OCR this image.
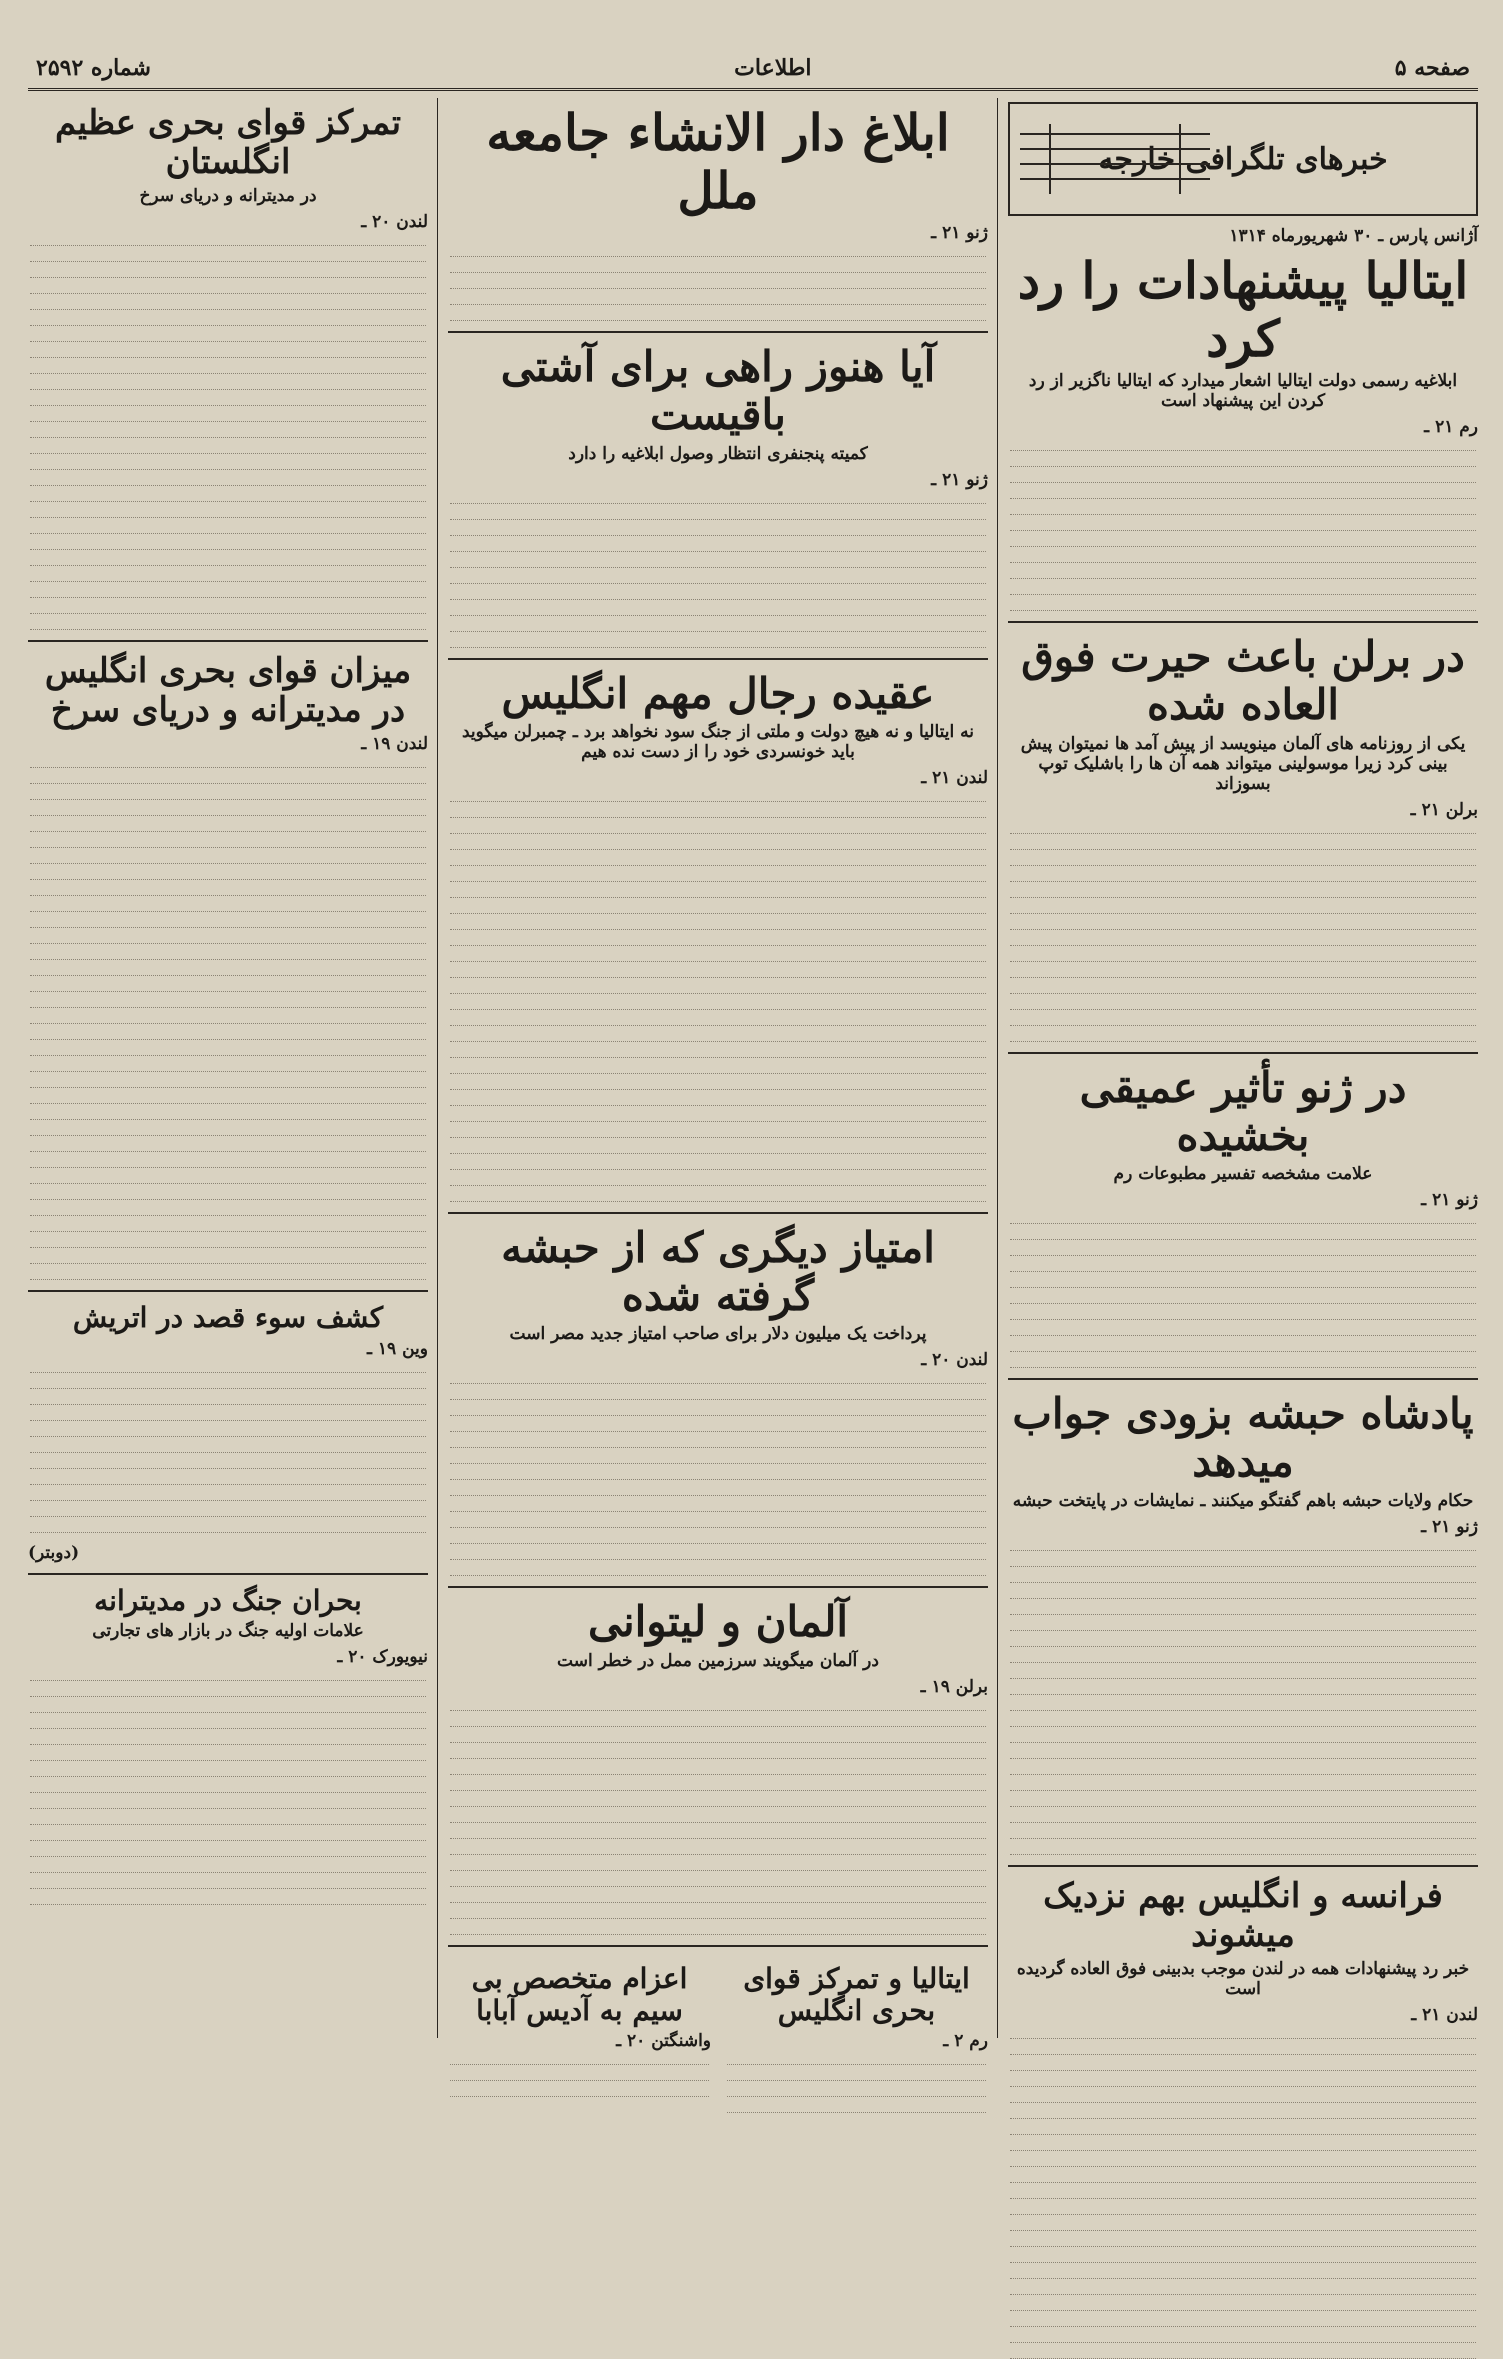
صفحه ۵
اطلاعات
شماره ۲۵۹۲
خبرهای تلگرافی خارجه
آژانس پارس ـ ۳۰ شهریورماه ۱۳۱۴
ایتالیا پیشنهادات را رد کرد
ابلاغیه رسمی دولت ایتالیا اشعار میدارد که ایتالیا ناگزیر از رد کردن این پیشنهاد است
رم ۲۱ ـ
در برلن باعث حیرت فوق العاده شده
یکی از روزنامه های آلمان مینویسد از پیش آمد ها نمیتوان پیش بینی کرد زیرا موسولینی میتواند همه آن ها را باشلیک توپ بسوزاند
برلن ۲۱ ـ
در ژنو تأثیر عمیقی بخشیده
علامت مشخصه تفسیر مطبوعات رم
ژنو ۲۱ ـ
پادشاه حبشه بزودی جواب میدهد
حکام ولایات حبشه باهم گفتگو میکنند ـ نمایشات در پایتخت حبشه
ژنو ۲۱ ـ
فرانسه و انگلیس بهم نزدیک میشوند
خبر رد پیشنهادات همه در لندن موجب بدبینی فوق العاده گردیده است
لندن ۲۱ ـ
ابلاغ دار الانشاء جامعه ملل
ژنو ۲۱ ـ
آیا هنوز راهی برای آشتی باقیست
کمیته پنجنفری انتظار وصول ابلاغیه را دارد
ژنو ۲۱ ـ
عقیده رجال مهم انگلیس
نه ایتالیا و نه هیچ دولت و ملتی از جنگ سود نخواهد برد ـ چمبرلن میگوید باید خونسردی خود را از دست نده هیم
لندن ۲۱ ـ
امتیاز دیگری که از حبشه گرفته شده
پرداخت یک میلیون دلار برای صاحب امتیاز جدید مصر است
لندن ۲۰ ـ
آلمان و لیتوانی
در آلمان میگویند سرزمین ممل در خطر است
برلن ۱۹ ـ
ایتالیا و تمرکز قوای بحری انگلیس
رم ۲ ـ
اعزام متخصص بی سیم به آدیس آبابا
واشنگتن ۲۰ ـ
تمرکز قوای بحری عظیم انگلستان
در مدیترانه و دریای سرخ
لندن ۲۰ ـ
میزان قوای بحری انگلیس در مدیترانه و دریای سرخ
لندن ۱۹ ـ
کشف سوء قصد در اتریش
وین ۱۹ ـ
(دوبتر)
بحران جنگ در مدیترانه
علامات اولیه جنگ در بازار های تجارتی
نیویورک ۲۰ ـ
